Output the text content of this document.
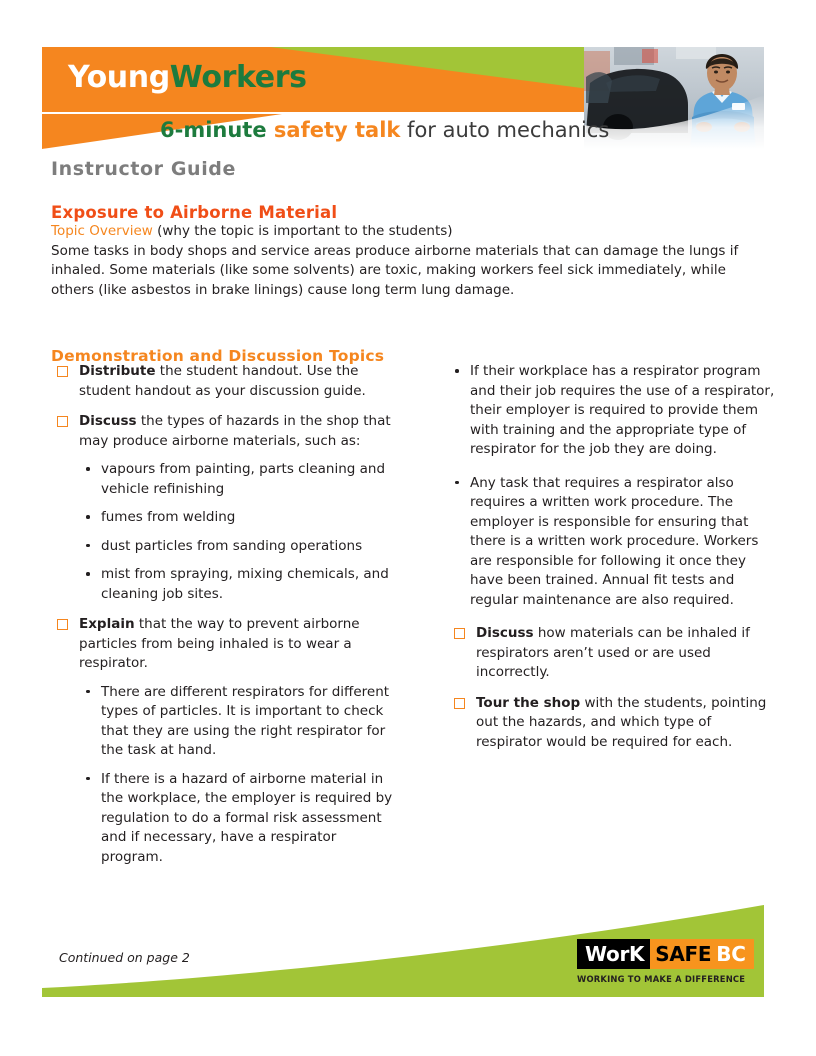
YoungWorkers
6-minute safety talk for auto mechanics
Instructor Guide
Exposure to Airborne Material
Topic Overview (why the topic is important to the students)
Some tasks in body shops and service areas produce airborne materials that can damage the lungs if inhaled. Some materials (like some solvents) are toxic, making workers feel sick immediately, while others (like asbestos in brake linings) cause long term lung damage.
Demonstration and Discussion Topics
Distribute the student handout. Use the student handout as your discussion guide.
Discuss the types of hazards in the shop that may produce airborne materials, such as:
vapours from painting, parts cleaning and vehicle refinishing
fumes from welding
dust particles from sanding operations
mist from spraying, mixing chemicals, and cleaning job sites.
Explain that the way to prevent airborne particles from being inhaled is to wear a respirator.
There are different respirators for different types of particles. It is important to check that they are using the right respirator for the task at hand.
If there is a hazard of airborne material in the workplace, the employer is required by regulation to do a formal risk assessment and if necessary, have a respirator program.
If their workplace has a respirator program and their job requires the use of a respirator, their employer is required to provide them with training and the appropriate type of respirator for the job they are doing.
Any task that requires a respirator also requires a written work procedure. The employer is responsible for ensuring that there is a written work procedure. Workers are responsible for following it once they have been trained. Annual fit tests and regular maintenance are also required.
Discuss how materials can be inhaled if respirators aren’t used or are used incorrectly.
Tour the shop with the students, pointing out the hazards, and which type of respirator would be required for each.
Continued on page 2	WorK SAFE BC
WORKING TO MAKE A DIFFERENCE
